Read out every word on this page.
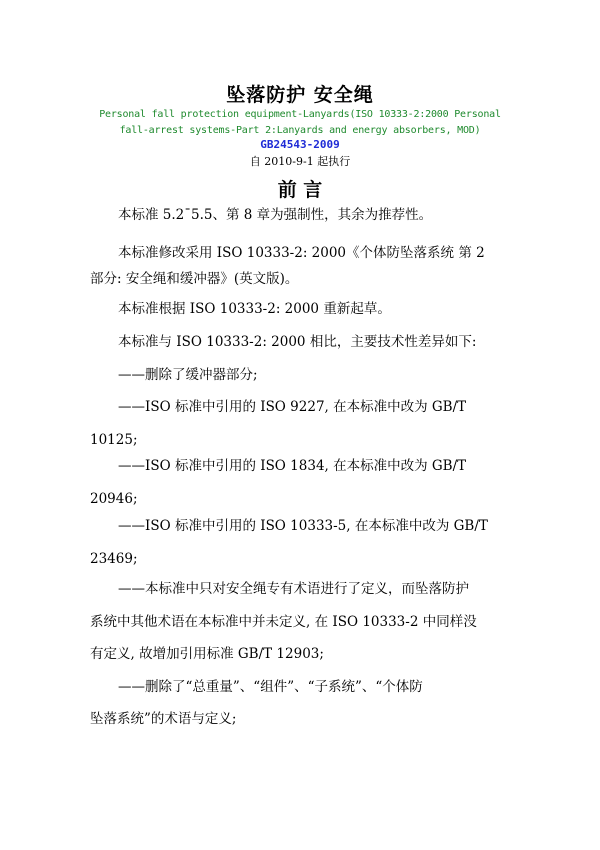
坠落防护 安全绳
Personal fall protection equipment-Lanyards(ISO 10333-2:2000 Personal
fall-arrest systems-Part 2:Lanyards and energy absorbers, MOD)
GB24543-2009
自 2010-9-1 起执行
前 言
本标准 5.2¯5.5、第 8 章为强制性，其余为推荐性。
本标准修改采用 ISO 10333-2: 2000《个体防坠落系统 第 2
部分: 安全绳和缓冲器》(英文版)。
本标准根据 ISO 10333-2: 2000 重新起草。
本标准与 ISO 10333-2: 2000 相比，主要技术性差异如下:
——删除了缓冲器部分;
——ISO 标准中引用的 ISO 9227, 在本标准中改为 GB/T
10125;
——ISO 标准中引用的 ISO 1834, 在本标准中改为 GB/T
20946;
——ISO 标准中引用的 ISO 10333-5, 在本标准中改为 GB/T
23469;
——本标准中只对安全绳专有术语进行了定义，而坠落防护
系统中其他术语在本标准中并未定义, 在 ISO 10333-2 中同样没
有定义, 故增加引用标准 GB/T 12903;
——删除了“总重量”、“组件”、“子系统”、“个体防
坠落系统”的术语与定义;
